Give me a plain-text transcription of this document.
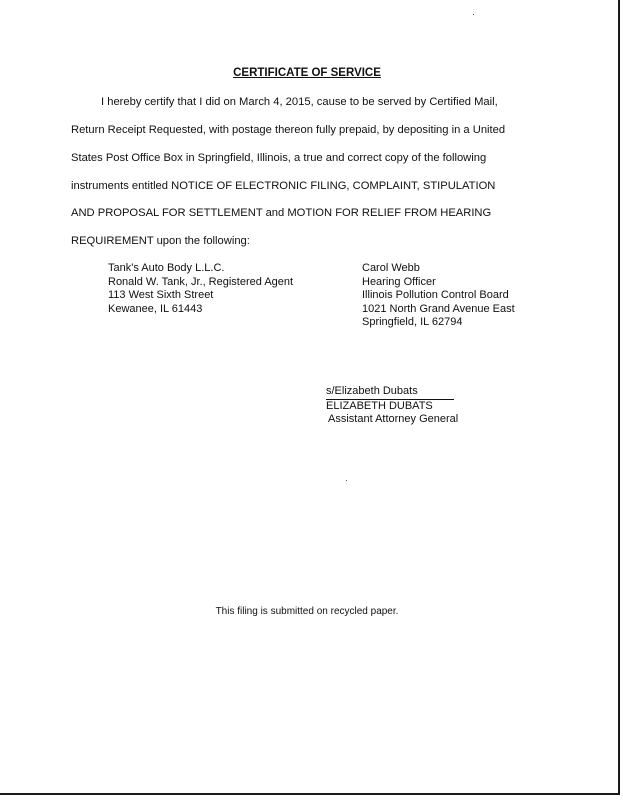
CERTIFICATE OF SERVICE
I hereby certify that I did on March 4, 2015, cause to be served by Certified Mail,
Return Receipt Requested, with postage thereon fully prepaid, by depositing in a United
States Post Office Box in Springfield, Illinois, a true and correct copy of the following
instruments entitled NOTICE OF ELECTRONIC FILING, COMPLAINT, STIPULATION
AND PROPOSAL FOR SETTLEMENT and MOTION FOR RELIEF FROM HEARING
REQUIREMENT upon the following:
Tank's Auto Body L.L.C.
Ronald W. Tank, Jr., Registered Agent
113 West Sixth Street
Kewanee, IL 61443
Carol Webb
Hearing Officer
Illinois Pollution Control Board
1021 North Grand Avenue East
Springfield, IL 62794
s/Elizabeth Dubats
ELIZABETH DUBATS
Assistant Attorney General
This filing is submitted on recycled paper.
